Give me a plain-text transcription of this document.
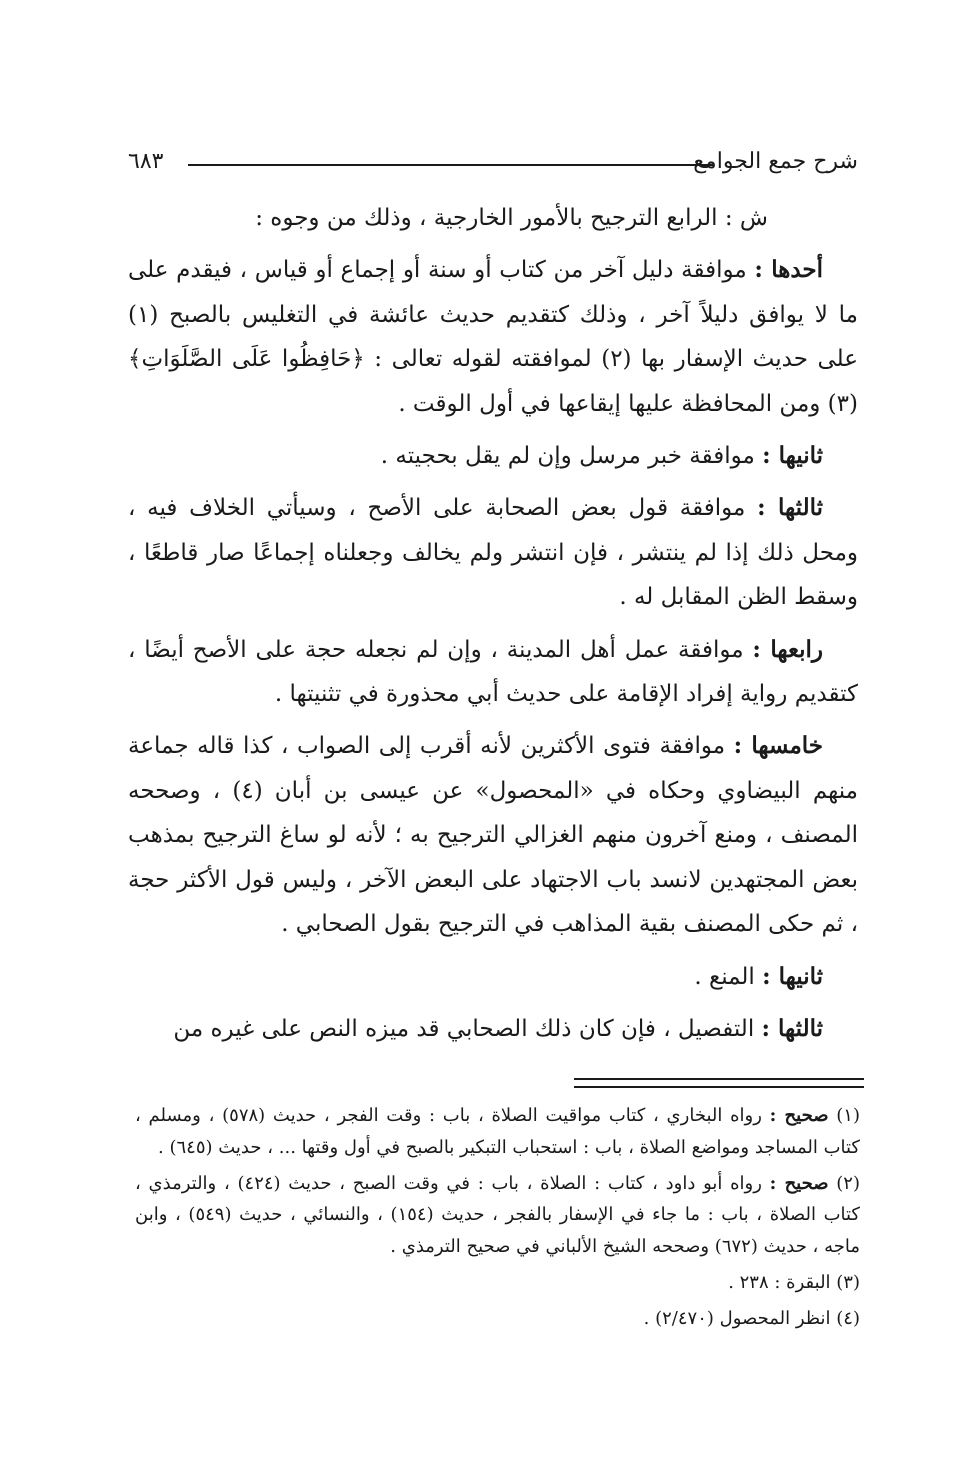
شرح جمع الجوامع
٦٨٣

ش : الرابع الترجيح بالأمور الخارجية ، وذلك من وجوه :

أحدها : موافقة دليل آخر من كتاب أو سنة أو إجماع أو قياس ، فيقدم على ما لا يوافق دليلاً آخر ، وذلك كتقديم حديث عائشة في التغليس بالصبح (١) على حديث الإسفار بها (٢) لموافقته لقوله تعالى : ﴿حَافِظُوا عَلَى الصَّلَوَاتِ﴾ (٣) ومن المحافظة عليها إيقاعها في أول الوقت .

ثانيها : موافقة خبر مرسل وإن لم يقل بحجيته .

ثالثها : موافقة قول بعض الصحابة على الأصح ، وسيأتي الخلاف فيه ، ومحل ذلك إذا لم ينتشر ، فإن انتشر ولم يخالف وجعلناه إجماعًا صار قاطعًا ، وسقط الظن المقابل له .

رابعها : موافقة عمل أهل المدينة ، وإن لم نجعله حجة على الأصح أيضًا ، كتقديم رواية إفراد الإقامة على حديث أبي محذورة في تثنيتها .

خامسها : موافقة فتوى الأكثرين لأنه أقرب إلى الصواب ، كذا قاله جماعة منهم البيضاوي وحكاه في «المحصول» عن عيسى بن أبان (٤) ، وصححه المصنف ، ومنع آخرون منهم الغزالي الترجيح به ؛ لأنه لو ساغ الترجيح بمذهب بعض المجتهدين لانسد باب الاجتهاد على البعض الآخر ، وليس قول الأكثر حجة ، ثم حكى المصنف بقية المذاهب في الترجيح بقول الصحابي .

ثانيها : المنع .

ثالثها : التفصيل ، فإن كان ذلك الصحابي قد ميزه النص على غيره من

(١) صحيح : رواه البخاري ، كتاب مواقيت الصلاة ، باب : وقت الفجر ، حديث (٥٧٨) ، ومسلم ، كتاب المساجد ومواضع الصلاة ، باب : استحباب التبكير بالصبح في أول وقتها ... ، حديث (٦٤٥) .

(٢) صحيح : رواه أبو داود ، كتاب : الصلاة ، باب : في وقت الصبح ، حديث (٤٢٤) ، والترمذي ، كتاب الصلاة ، باب : ما جاء في الإسفار بالفجر ، حديث (١٥٤) ، والنسائي ، حديث (٥٤٩) ، وابن ماجه ، حديث (٦٧٢) وصححه الشيخ الألباني في صحيح الترمذي .

(٣) البقرة : ٢٣٨ .

(٤) انظر المحصول (٢/٤٧٠) .
